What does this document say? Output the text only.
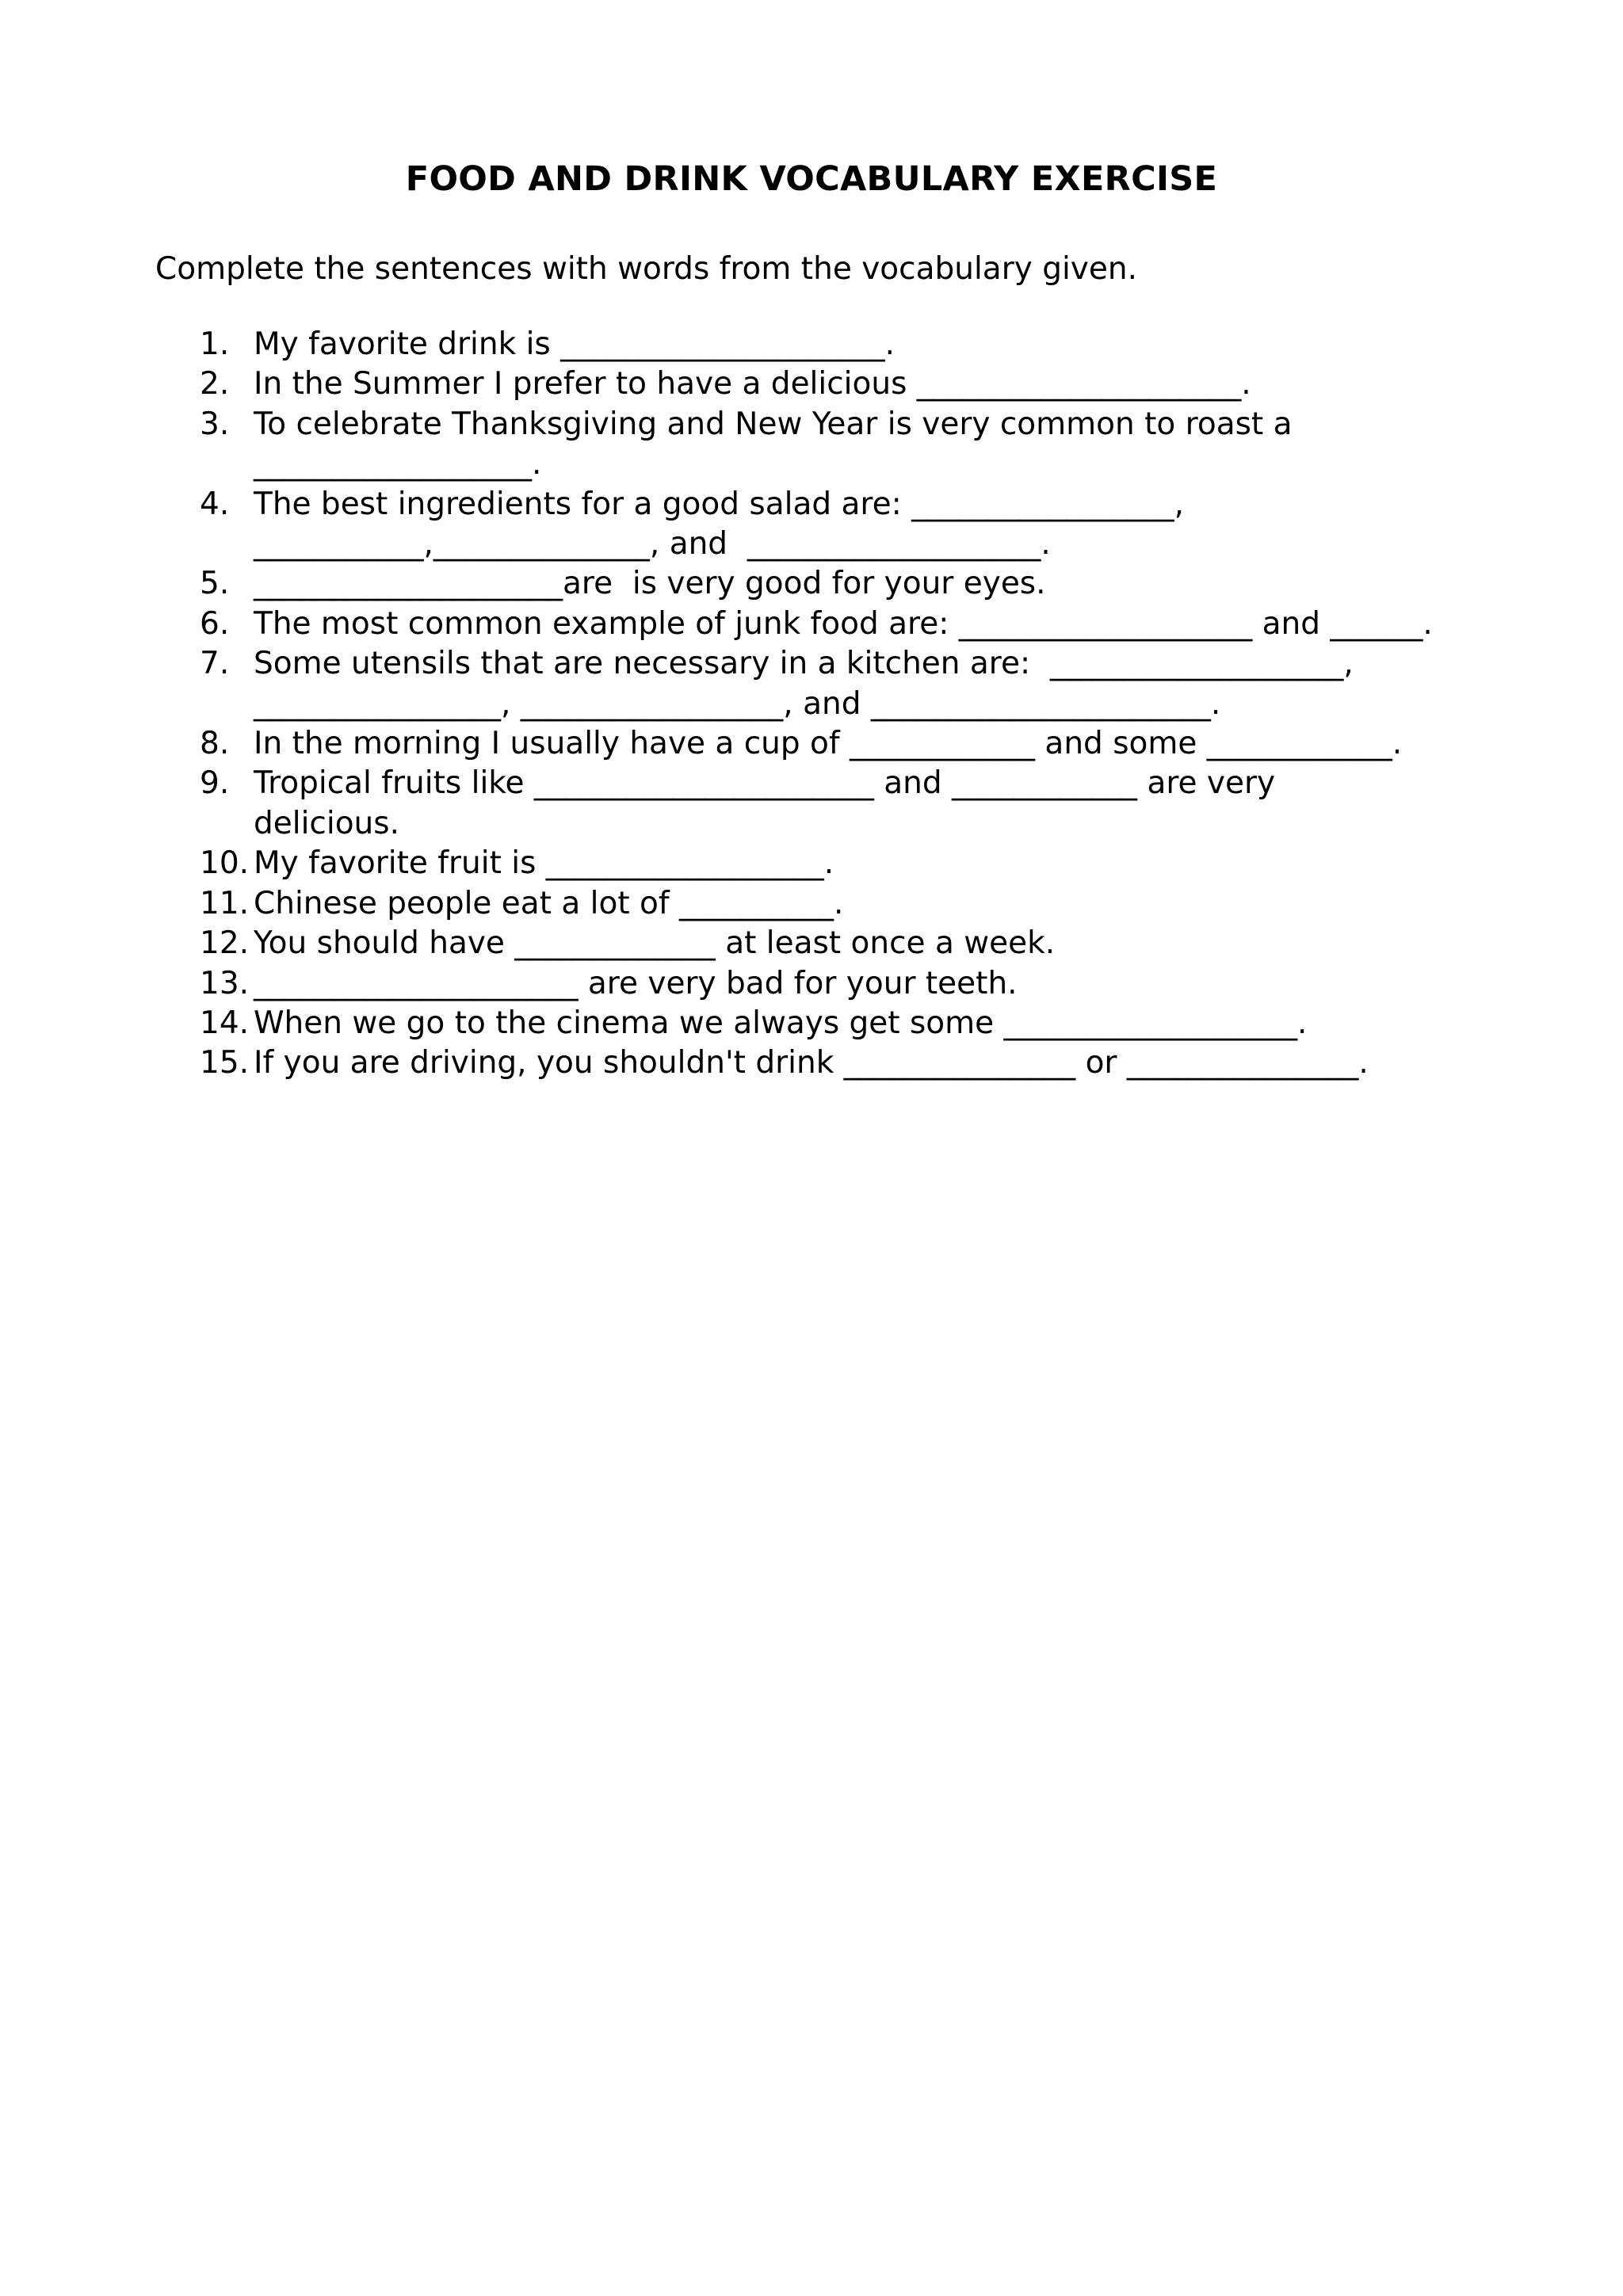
FOOD AND DRINK VOCABULARY EXERCISE
Complete the sentences with words from the vocabulary given.
1. My favorite drink is _____________________.
2. In the Summer I prefer to have a delicious _____________________.
3. To celebrate Thanksgiving and New Year is very common to roast a
__________________.
4. The best ingredients for a good salad are: _________________,
___________,______________, and  ___________________.
5. ____________________are  is very good for your eyes.
6. The most common example of junk food are: ___________________ and ______.
7. Some utensils that are necessary in a kitchen are:  ___________________,
________________, _________________, and ______________________.
8. In the morning I usually have a cup of ____________ and some ____________.
9. Tropical fruits like ______________________ and ____________ are very
delicious.
10. My favorite fruit is __________________.
11. Chinese people eat a lot of __________.
12. You should have _____________ at least once a week.
13. _____________________ are very bad for your teeth.
14. When we go to the cinema we always get some ___________________.
15. If you are driving, you shouldn't drink _______________ or _______________.
